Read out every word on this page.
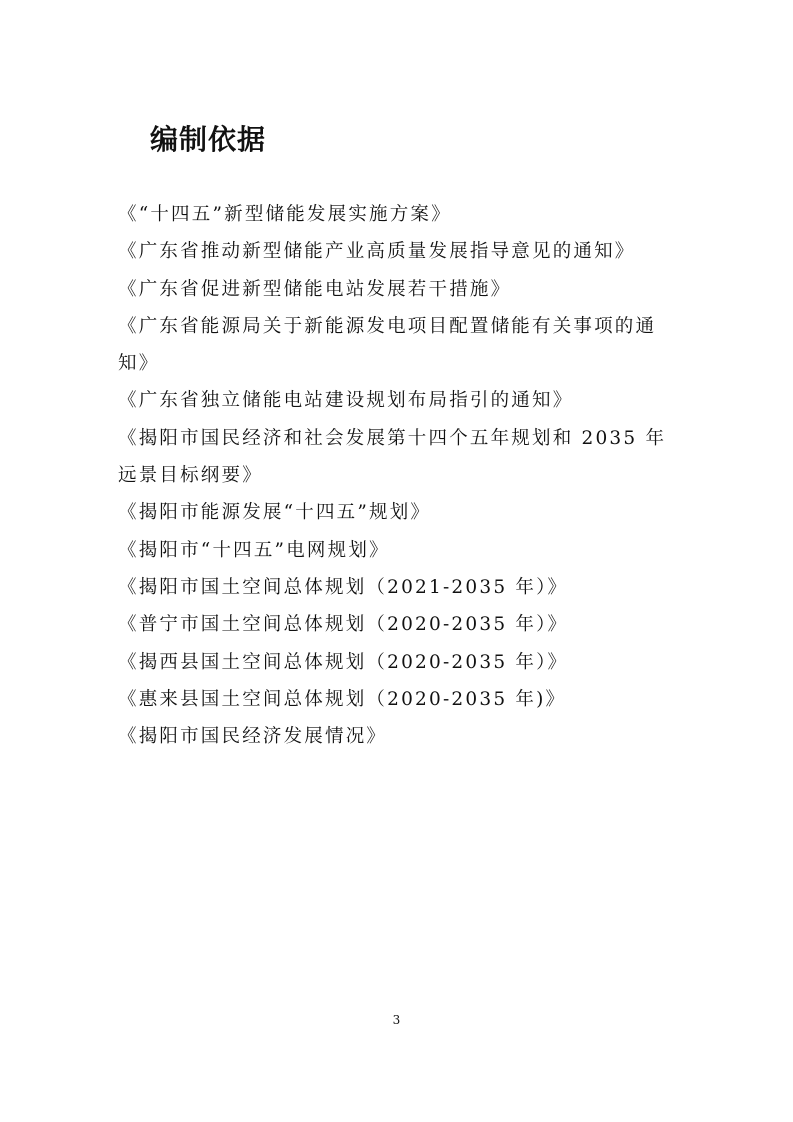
编制依据
《“十四五”新型储能发展实施方案》
《广东省推动新型储能产业高质量发展指导意见的通知》
《广东省促进新型储能电站发展若干措施》
《广东省能源局关于新能源发电项目配置储能有关事项的通知》
《广东省独立储能电站建设规划布局指引的通知》
《揭阳市国民经济和社会发展第十四个五年规划和 2035 年远景目标纲要》
《揭阳市能源发展“十四五”规划》
《揭阳市“十四五”电网规划》
《揭阳市国土空间总体规划（2021-2035 年）》
《普宁市国土空间总体规划（2020-2035 年）》
《揭西县国土空间总体规划（2020-2035 年）》
《惠来县国土空间总体规划（2020-2035 年)》
《揭阳市国民经济发展情况》
3
